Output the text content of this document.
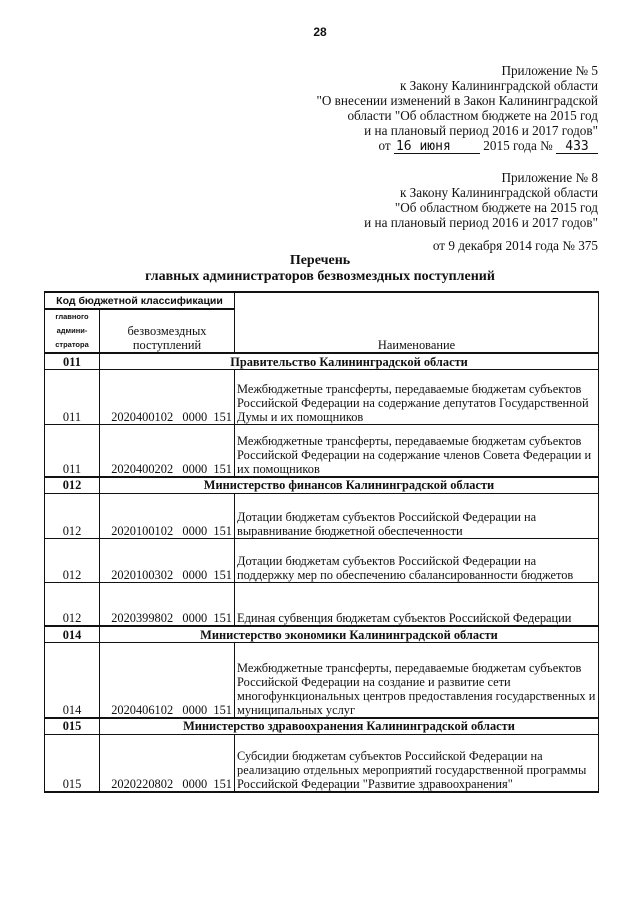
28
Приложение № 5
к Закону Калининградской области
"О внесении изменений в Закон Калининградской
области "Об областном бюджете на 2015 год
и на плановый период 2016 и 2017 годов"
от 16 июня 2015 года № 433
Приложение № 8
к Закону Калининградской области
"Об областном бюджете на 2015 год
и на плановый период 2016 и 2017 годов"
от 9 декабря 2014 года № 375
Перечень
главных администраторов безвозмездных поступлений
Код бюджетной классификации		Наименование
главного админи-стратора	безвозмездных поступлений	
011	Правительство Калининградской области	
011	2020400102   0000  151	Межбюджетные трансферты, передаваемые бюджетам субъектов Российской Федерации на содержание депутатов Государственной Думы и их помощников
011	2020400202   0000  151	Межбюджетные трансферты, передаваемые бюджетам субъектов Российской Федерации на содержание членов Совета Федерации и их помощников
012	Министерство финансов Калининградской области	
012	2020100102   0000  151	Дотации бюджетам субъектов Российской Федерации на выравнивание бюджетной обеспеченности
012	2020100302   0000  151	Дотации бюджетам субъектов Российской Федерации на поддержку мер по обеспечению сбалансированности бюджетов
012	2020399802   0000  151	Единая субвенция бюджетам субъектов Российской Федерации
014	Министерство экономики Калининградской области	
014	2020406102   0000  151	Межбюджетные трансферты, передаваемые бюджетам субъектов Российской Федерации на создание и развитие сети многофункциональных центров предоставления государственных и муниципальных услуг
015	Министерство здравоохранения Калининградской области	
015	2020220802   0000  151	Субсидии бюджетам субъектов Российской Федерации на реализацию отдельных мероприятий государственной программы Российской Федерации "Развитие здравоохранения"
